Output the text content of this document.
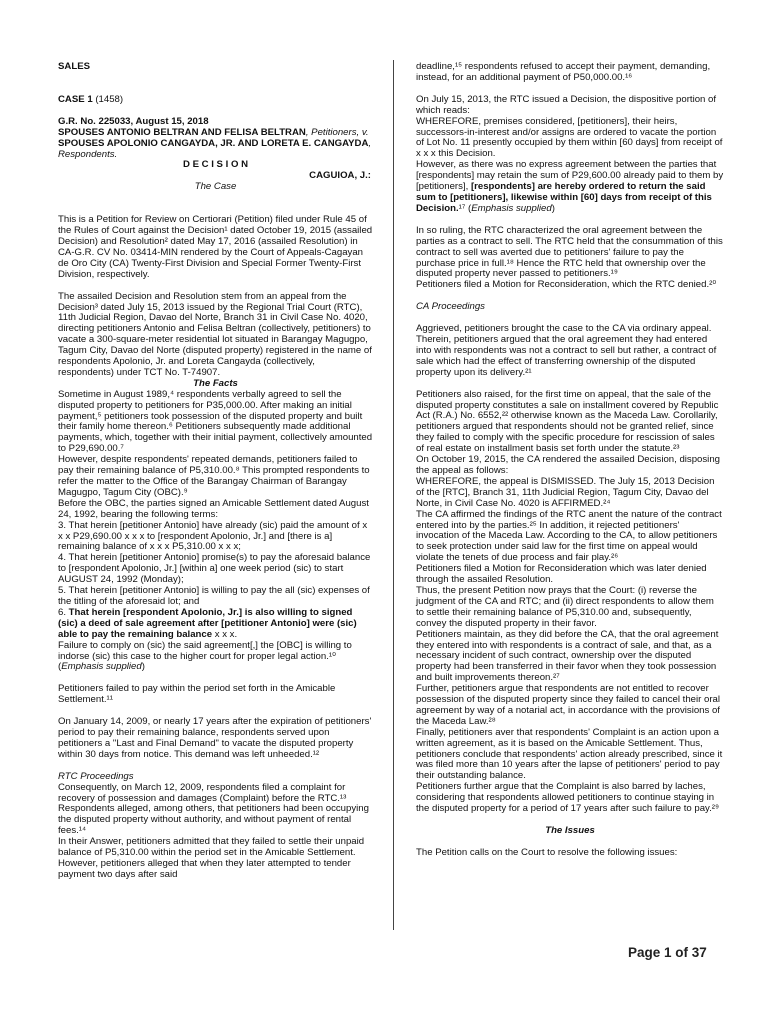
SALES

CASE 1 (1458)

G.R. No. 225033, August 15, 2018

SPOUSES ANTONIO BELTRAN AND FELISA BELTRAN, Petitioners, v. SPOUSES APOLONIO CANGAYDA, JR. AND LORETA E. CANGAYDA, Respondents.

D E C I S I O N

CAGUIOA, J.:

The Case

This is a Petition for Review on Certiorari (Petition) filed under Rule 45 of the Rules of Court against the Decision¹ dated October 19, 2015 (assailed Decision) and Resolution² dated May 17, 2016 (assailed Resolution) in CA-G.R. CV No. 03414-MIN rendered by the Court of Appeals-Cagayan de Oro City (CA) Twenty-First Division and Special Former Twenty-First Division, respectively.

The assailed Decision and Resolution stem from an appeal from the Decision³ dated July 15, 2013 issued by the Regional Trial Court (RTC), 11th Judicial Region, Davao del Norte, Branch 31 in Civil Case No. 4020, directing petitioners Antonio and Felisa Beltran (collectively, petitioners) to vacate a 300-square-meter residential lot situated in Barangay Magugpo, Tagum City, Davao del Norte (disputed property) registered in the name of respondents Apolonio, Jr. and Loreta Cangayda (collectively, respondents) under TCT No. T-74907.

The Facts

Sometime in August 1989,⁴ respondents verbally agreed to sell the disputed property to petitioners for P35,000.00. After making an initial payment,⁵ petitioners took possession of the disputed property and built their family home thereon.⁶ Petitioners subsequently made additional payments, which, together with their initial payment, collectively amounted to P29,690.00.⁷

However, despite respondents' repeated demands, petitioners failed to pay their remaining balance of P5,310.00.⁸ This prompted respondents to refer the matter to the Office of the Barangay Chairman of Barangay Magugpo, Tagum City (OBC).⁹

Before the OBC, the parties signed an Amicable Settlement dated August 24, 1992, bearing the following terms:

3. That herein [petitioner Antonio] have already (sic) paid the amount of x x x P29,690.00 x x x to [respondent Apolonio, Jr.] and [there is a] remaining balance of x x x P5,310.00 x x x;

4. That herein [petitioner Antonio] promise(s) to pay the aforesaid balance to [respondent Apolonio, Jr.] [within a] one week period (sic) to start AUGUST 24, 1992 (Monday);

5. That herein [petitioner Antonio] is willing to pay the all (sic) expenses of the titling of the aforesaid lot; and

6. That herein [respondent Apolonio, Jr.] is also willing to signed (sic) a deed of sale agreement after [petitioner Antonio] were (sic) able to pay the remaining balance x x x.

Failure to comply on (sic) the said agreement[,] the [OBC] is willing to indorse (sic) this case to the higher court for proper legal action.¹⁰ (Emphasis supplied)

Petitioners failed to pay within the period set forth in the Amicable Settlement.¹¹

On January 14, 2009, or nearly 17 years after the expiration of petitioners' period to pay their remaining balance, respondents served upon petitioners a "Last and Final Demand" to vacate the disputed property within 30 days from notice. This demand was left unheeded.¹²

RTC Proceedings

Consequently, on March 12, 2009, respondents filed a complaint for recovery of possession and damages (Complaint) before the RTC.¹³ Respondents alleged, among others, that petitioners had been occupying the disputed property without authority, and without payment of rental fees.¹⁴

In their Answer, petitioners admitted that they failed to settle their unpaid balance of P5,310.00 within the period set in the Amicable Settlement. However, petitioners alleged that when they later attempted to tender payment two days after said

deadline,¹⁵ respondents refused to accept their payment, demanding, instead, for an additional payment of P50,000.00.¹⁶

On July 15, 2013, the RTC issued a Decision, the dispositive portion of which reads:

WHEREFORE, premises considered, [petitioners], their heirs, successors-in-interest and/or assigns are ordered to vacate the portion of Lot No. 11 presently occupied by them within [60 days] from receipt of x x x this Decision.

However, as there was no express agreement between the parties that [respondents] may retain the sum of P29,600.00 already paid to them by [petitioners], [respondents] are hereby ordered to return the said sum to [petitioners], likewise within [60] days from receipt of this Decision.¹⁷ (Emphasis supplied)

In so ruling, the RTC characterized the oral agreement between the parties as a contract to sell. The RTC held that the consummation of this contract to sell was averted due to petitioners' failure to pay the purchase price in full.¹⁸ Hence the RTC held that ownership over the disputed property never passed to petitioners.¹⁹

Petitioners filed a Motion for Reconsideration, which the RTC denied.²⁰

CA Proceedings

Aggrieved, petitioners brought the case to the CA via ordinary appeal. Therein, petitioners argued that the oral agreement they had entered into with respondents was not a contract to sell but rather, a contract of sale which had the effect of transferring ownership of the disputed property upon its delivery.²¹

Petitioners also raised, for the first time on appeal, that the sale of the disputed property constitutes a sale on installment covered by Republic Act (R.A.) No. 6552,²² otherwise known as the Maceda Law. Corollarily, petitioners argued that respondents should not be granted relief, since they failed to comply with the specific procedure for rescission of sales of real estate on installment basis set forth under the statute.²³

On October 19, 2015, the CA rendered the assailed Decision, disposing the appeal as follows:

WHEREFORE, the appeal is DISMISSED. The July 15, 2013 Decision of the [RTC], Branch 31, 11th Judicial Region, Tagum City, Davao del Norte, in Civil Case No. 4020 is AFFIRMED.²⁴

The CA affirmed the findings of the RTC anent the nature of the contract entered into by the parties.²⁵ In addition, it rejected petitioners' invocation of the Maceda Law. According to the CA, to allow petitioners to seek protection under said law for the first time on appeal would violate the tenets of due process and fair play.²⁶

Petitioners filed a Motion for Reconsideration which was later denied through the assailed Resolution.

Thus, the present Petition now prays that the Court: (i) reverse the judgment of the CA and RTC; and (ii) direct respondents to allow them to settle their remaining balance of P5,310.00 and, subsequently, convey the disputed property in their favor.

Petitioners maintain, as they did before the CA, that the oral agreement they entered into with respondents is a contract of sale, and that, as a necessary incident of such contract, ownership over the disputed property had been transferred in their favor when they took possession and built improvements thereon.²⁷

Further, petitioners argue that respondents are not entitled to recover possession of the disputed property since they failed to cancel their oral agreement by way of a notarial act, in accordance with the provisions of the Maceda Law.²⁸

Finally, petitioners aver that respondents' Complaint is an action upon a written agreement, as it is based on the Amicable Settlement. Thus, petitioners conclude that respondents' action already prescribed, since it was filed more than 10 years after the lapse of petitioners' period to pay their outstanding balance.

Petitioners further argue that the Complaint is also barred by laches, considering that respondents allowed petitioners to continue staying in the disputed property for a period of 17 years after such failure to pay.²⁹

The Issues

The Petition calls on the Court to resolve the following issues:

Page 1 of 37
